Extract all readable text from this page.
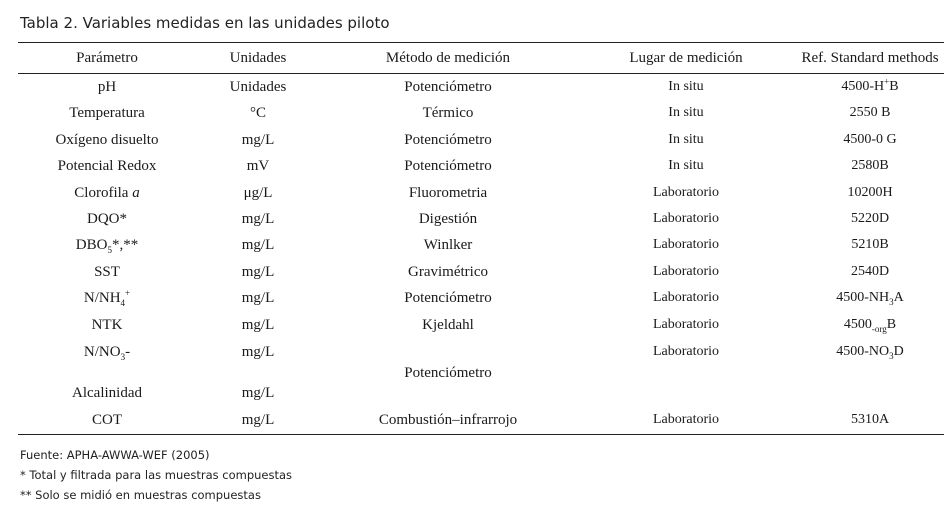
Tabla 2. Variables medidas en las unidades piloto
Parámetro	Unidades	Método de medición	Lugar de medición	Ref. Standard methods
pH	Unidades	Potenciómetro	In situ	4500-H+B
Temperatura	°C	Térmico	In situ	2550 B
Oxígeno disuelto	mg/L	Potenciómetro	In situ	4500-0 G
Potencial Redox	mV	Potenciómetro	In situ	2580B
Clorofila a	μg/L	Fluorometria	Laboratorio	10200H
DQO*	mg/L	Digestión	Laboratorio	5220D
$DBO_5*,**$	mg/L	Winlker	Laboratorio	5210B
SST	mg/L	Gravimétrico	Laboratorio	2540D
$N/NH_4^+$	mg/L	Potenciómetro	Laboratorio	$4500-NH_3A$
NTK	mg/L	Kjeldahl	Laboratorio	$4500_{-org}B$
$N/NO_3-$	mg/L	Potenciómetro	Laboratorio	$4500-NO_3D$
Alcalinidad	mg/L			
COT	mg/L	Combustión–infrarrojo	Laboratorio	5310A
Fuente: APHA-AWWA-WEF (2005)
* Total y filtrada para las muestras compuestas
** Solo se midió en muestras compuestas
